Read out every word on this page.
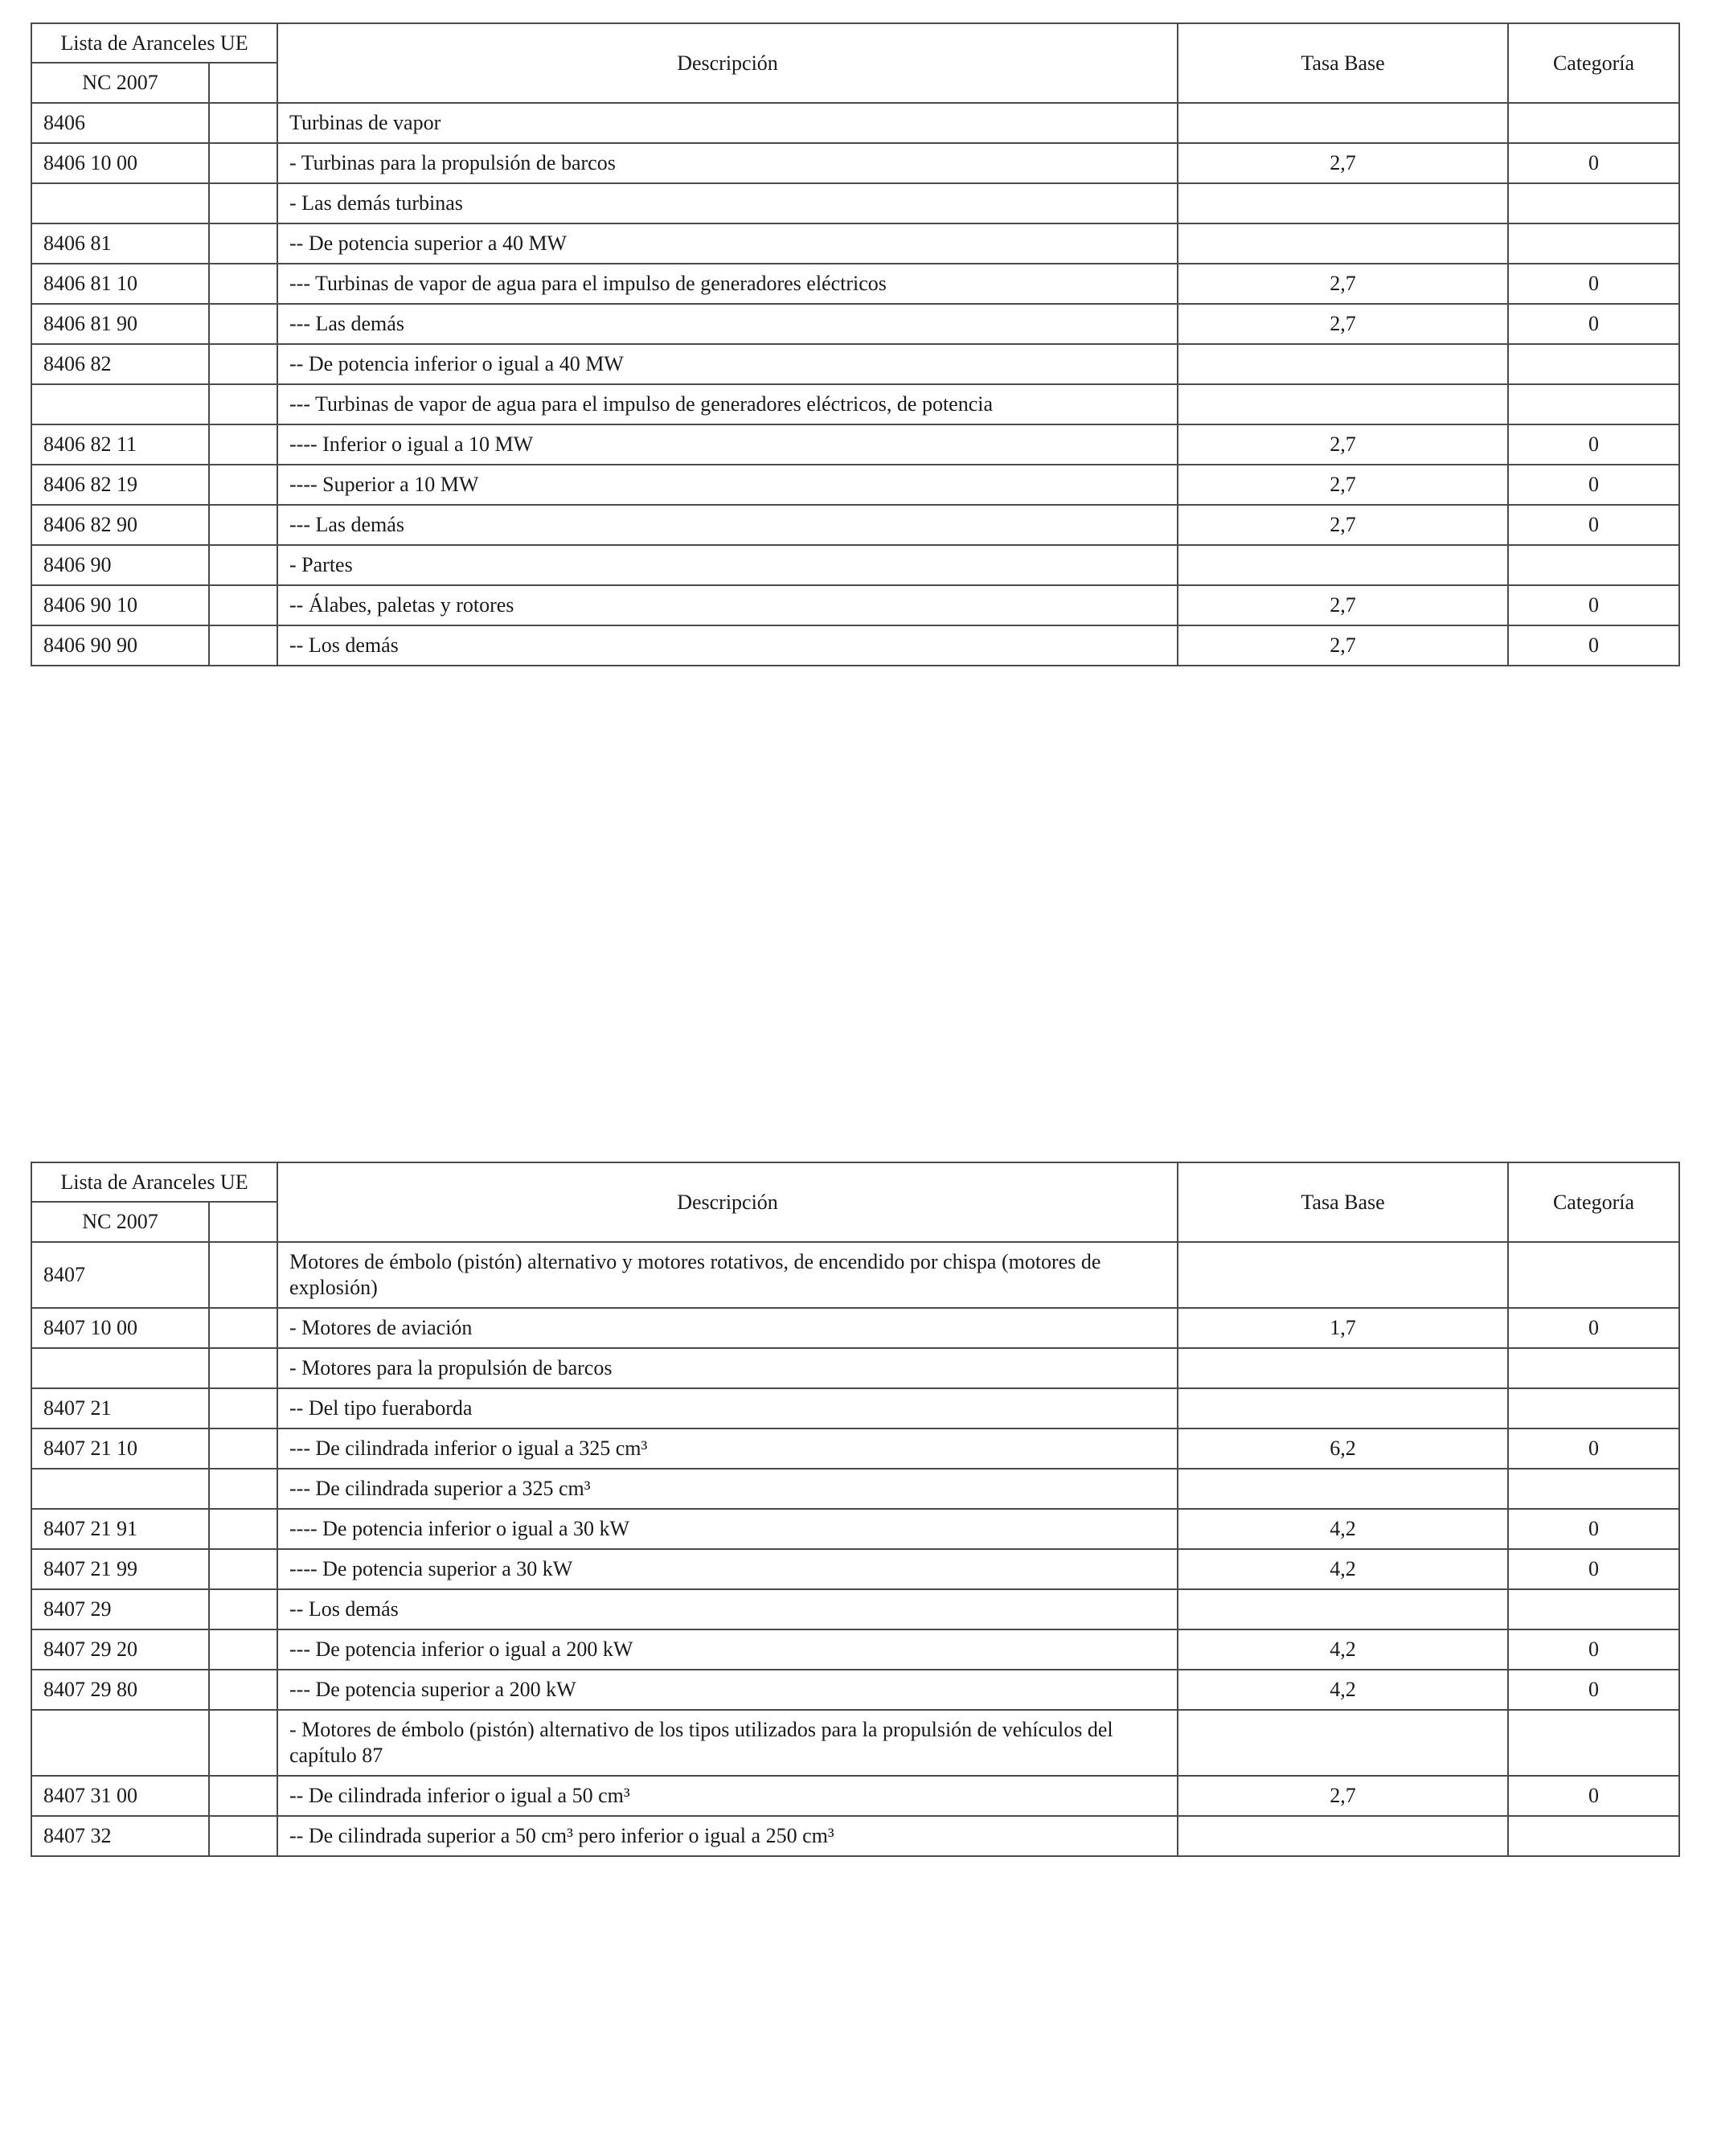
Lista de Aranceles UE		Descripción	Tasa Base	Categoría
NC 2007				
8406		Turbinas de vapor		
8406 10 00		- Turbinas para la propulsión de barcos	2,7	0
		- Las demás turbinas		
8406 81		-- De potencia superior a 40 MW		
8406 81 10		--- Turbinas de vapor de agua para el impulso de generadores eléctricos	2,7	0
8406 81 90		--- Las demás	2,7	0
8406 82		-- De potencia inferior o igual a 40 MW		
		--- Turbinas de vapor de agua para el impulso de generadores eléctricos, de potencia		
8406 82 11		---- Inferior o igual a 10 MW	2,7	0
8406 82 19		---- Superior a 10 MW	2,7	0
8406 82 90		--- Las demás	2,7	0
8406 90		- Partes		
8406 90 10		-- Álabes, paletas y rotores	2,7	0
8406 90 90		-- Los demás	2,7	0
Lista de Aranceles UE		Descripción	Tasa Base	Categoría
NC 2007				
8407		Motores de émbolo (pistón) alternativo y motores rotativos, de encendido por chispa (motores de explosión)		
8407 10 00		- Motores de aviación	1,7	0
		- Motores para la propulsión de barcos		
8407 21		-- Del tipo fueraborda		
8407 21 10		--- De cilindrada inferior o igual a 325 cm³	6,2	0
		--- De cilindrada superior a 325 cm³		
8407 21 91		---- De potencia inferior o igual a 30 kW	4,2	0
8407 21 99		---- De potencia superior a 30 kW	4,2	0
8407 29		-- Los demás		
8407 29 20		--- De potencia inferior o igual a 200 kW	4,2	0
8407 29 80		--- De potencia superior a 200 kW	4,2	0
		- Motores de émbolo (pistón) alternativo de los tipos utilizados para la propulsión de vehículos del capítulo 87		
8407 31 00		-- De cilindrada inferior o igual a 50 cm³	2,7	0
8407 32		-- De cilindrada superior a 50 cm³ pero inferior o igual a 250 cm³		
